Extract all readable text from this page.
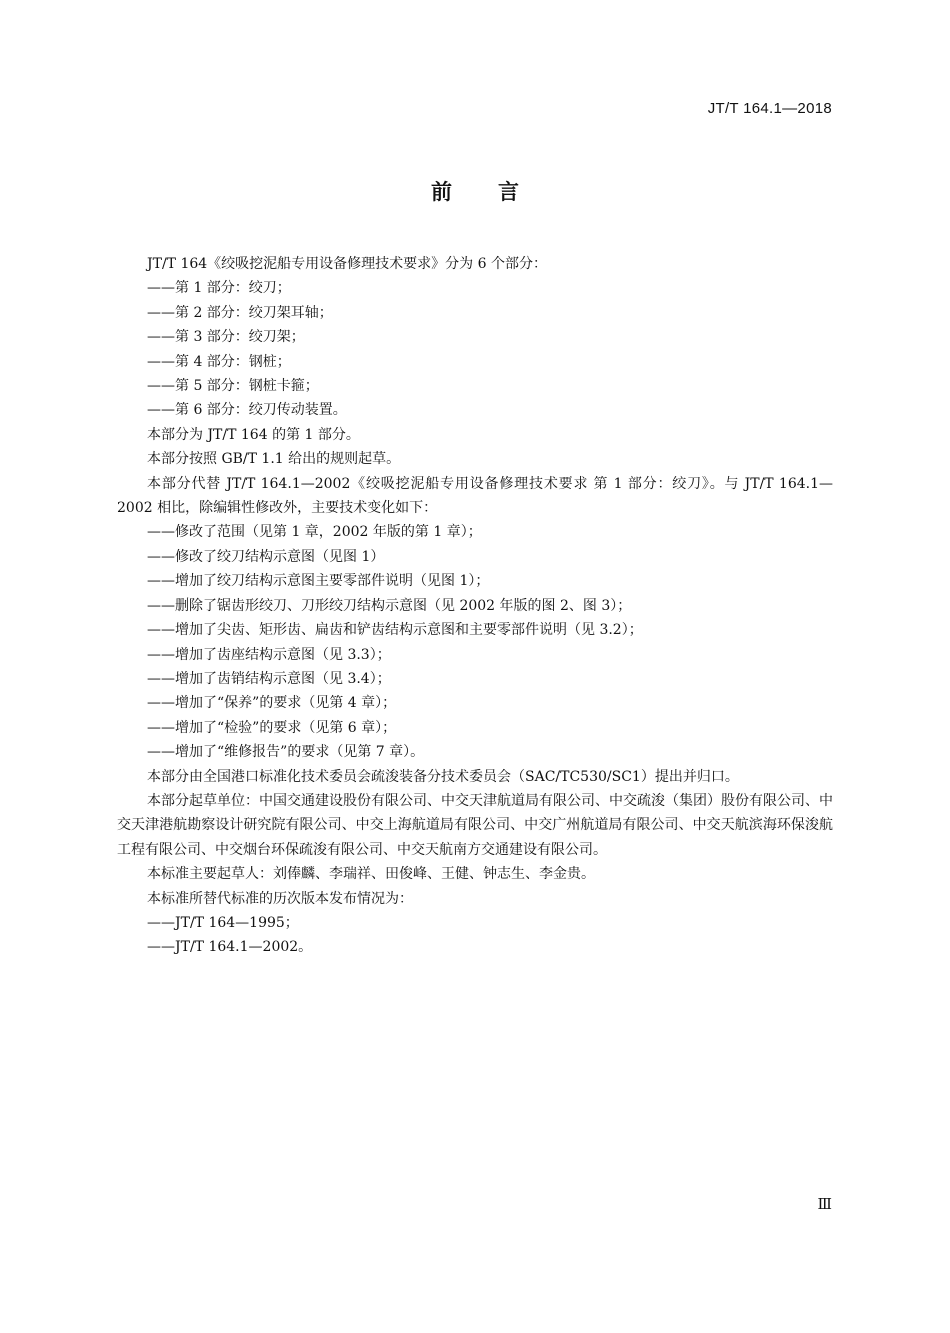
JT/T 164.1—2018
前言

JT/T 164《绞吸挖泥船专用设备修理技术要求》分为 6 个部分：

——第 1 部分：绞刀；

——第 2 部分：绞刀架耳轴；

——第 3 部分：绞刀架；

——第 4 部分：钢桩；

——第 5 部分：钢桩卡箍；

——第 6 部分：绞刀传动装置。

本部分为 JT/T 164 的第 1 部分。

本部分按照 GB/T 1.1 给出的规则起草。

本部分代替 JT/T 164.1—2002《绞吸挖泥船专用设备修理技术要求 第 1 部分：绞刀》。与 JT/T 164.1—2002 相比，除编辑性修改外，主要技术变化如下：

——修改了范围（见第 1 章，2002 年版的第 1 章）；

——修改了绞刀结构示意图（见图 1）

——增加了绞刀结构示意图主要零部件说明（见图 1）；

——删除了锯齿形绞刀、刀形绞刀结构示意图（见 2002 年版的图 2、图 3）；

——增加了尖齿、矩形齿、扁齿和铲齿结构示意图和主要零部件说明（见 3.2）；

——增加了齿座结构示意图（见 3.3）；

——增加了齿销结构示意图（见 3.4）；

——增加了“保养”的要求（见第 4 章）；

——增加了“检验”的要求（见第 6 章）；

——增加了“维修报告”的要求（见第 7 章）。

本部分由全国港口标准化技术委员会疏浚装备分技术委员会（SAC/TC530/SC1）提出并归口。

本部分起草单位：中国交通建设股份有限公司、中交天津航道局有限公司、中交疏浚（集团）股份有限公司、中交天津港航勘察设计研究院有限公司、中交上海航道局有限公司、中交广州航道局有限公司、中交天航滨海环保浚航工程有限公司、中交烟台环保疏浚有限公司、中交天航南方交通建设有限公司。

本标准主要起草人：刘俸麟、李瑞祥、田俊峰、王健、钟志生、李金贵。

本标准所替代标准的历次版本发布情况为：

——JT/T 164—1995；

——JT/T 164.1—2002。

Ⅲ
